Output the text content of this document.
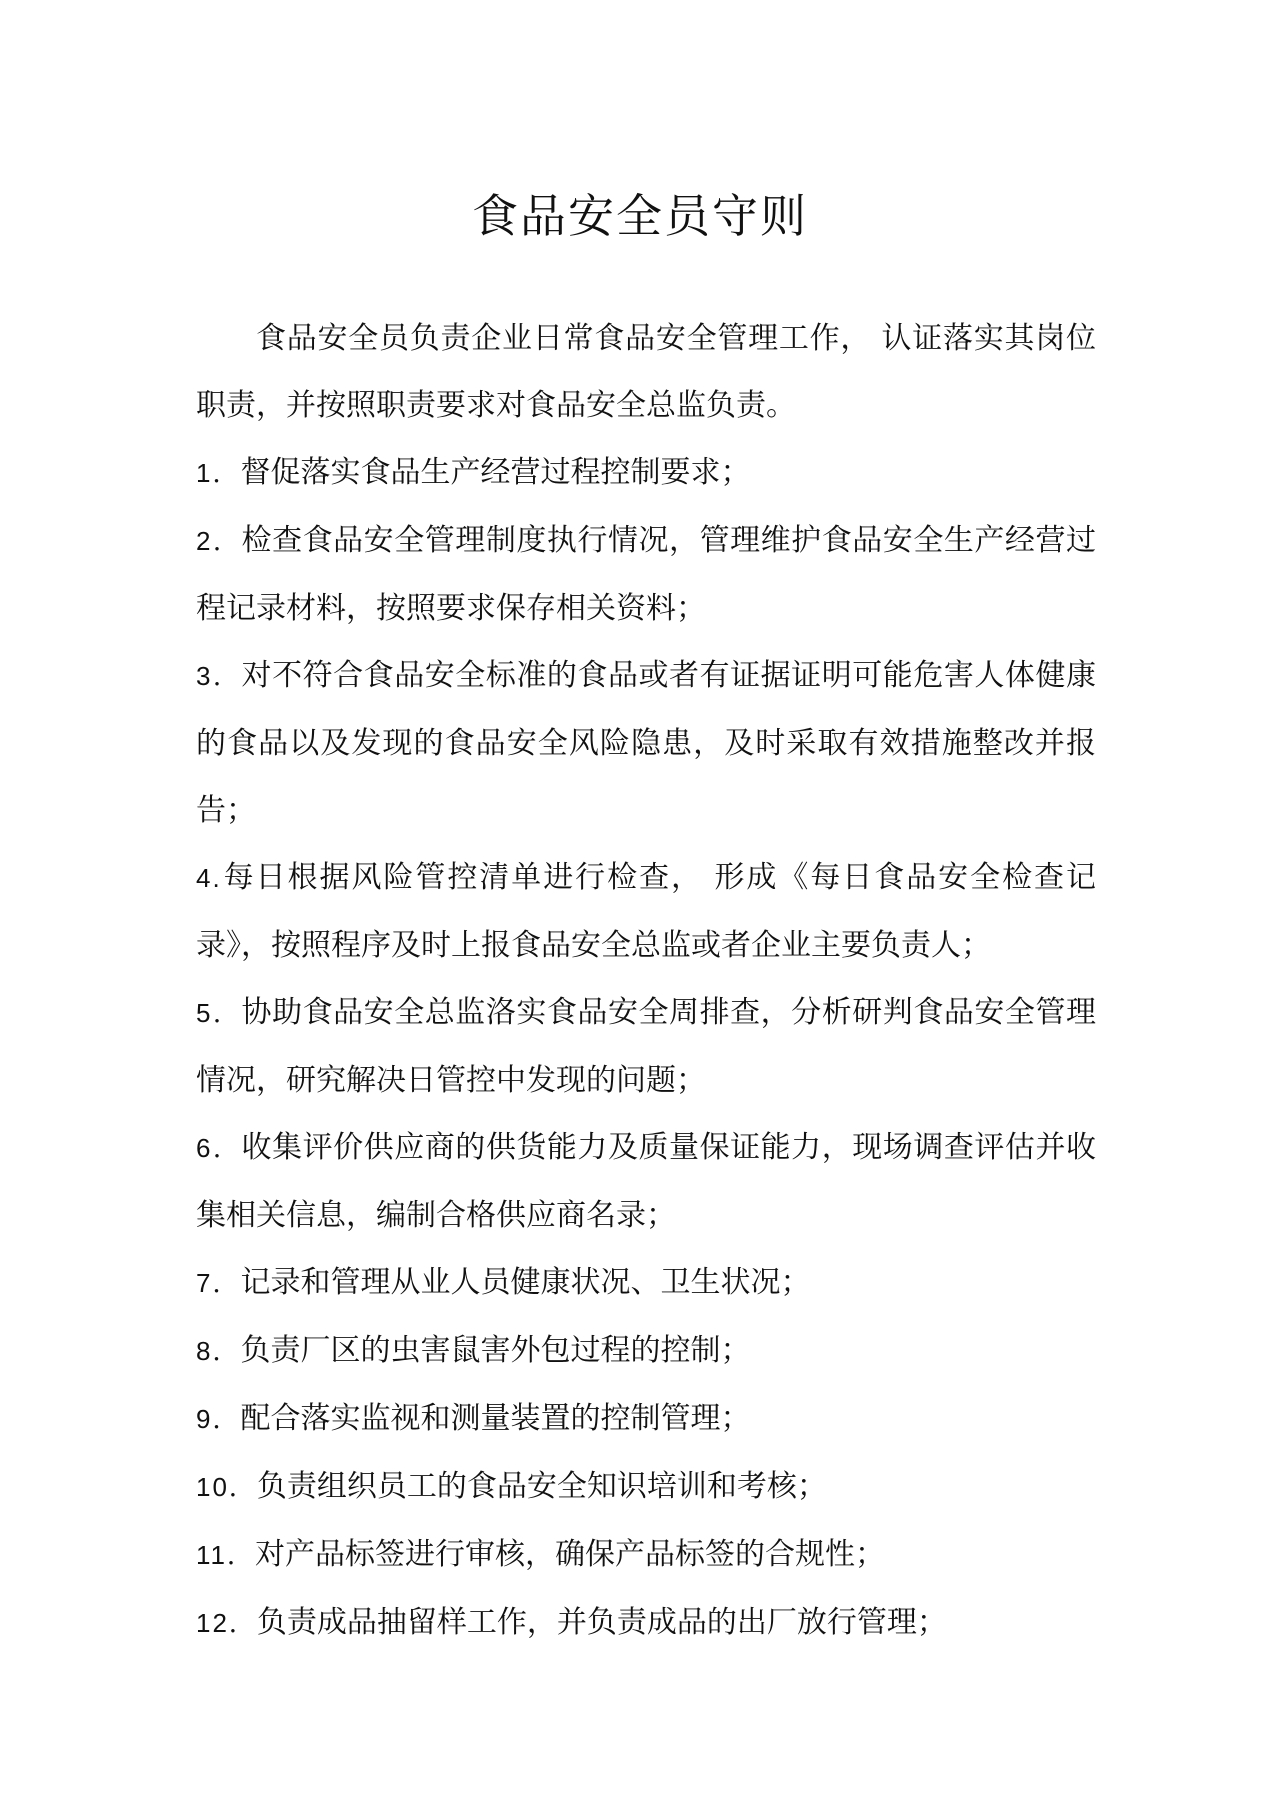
食品安全员守则

食品安全员负责企业日常食品安全管理工作， 认证落实其岗位职责，并按照职责要求对食品安全总监负责。

1．督促落实食品生产经营过程控制要求；

2．检查食品安全管理制度执行情况，管理维护食品安全生产经营过程记录材料，按照要求保存相关资料；

3．对不符合食品安全标准的食品或者有证据证明可能危害人体健康的食品以及发现的食品安全风险隐患，及时采取有效措施整改并报告；

4.每日根据风险管控清单进行检查， 形成《每日食品安全检查记录》，按照程序及时上报食品安全总监或者企业主要负责人；

5．协助食品安全总监洛实食品安全周排查，分析研判食品安全管理情况，研究解决日管控中发现的问题；

6．收集评价供应商的供货能力及质量保证能力，现场调查评估并收集相关信息，编制合格供应商名录；

7．记录和管理从业人员健康状况、卫生状况；

8．负责厂区的虫害鼠害外包过程的控制；

9．配合落实监视和测量装置的控制管理；

10．负责组织员工的食品安全知识培训和考核；

11．对产品标签进行审核，确保产品标签的合规性；

12．负责成品抽留样工作，并负责成品的出厂放行管理；
